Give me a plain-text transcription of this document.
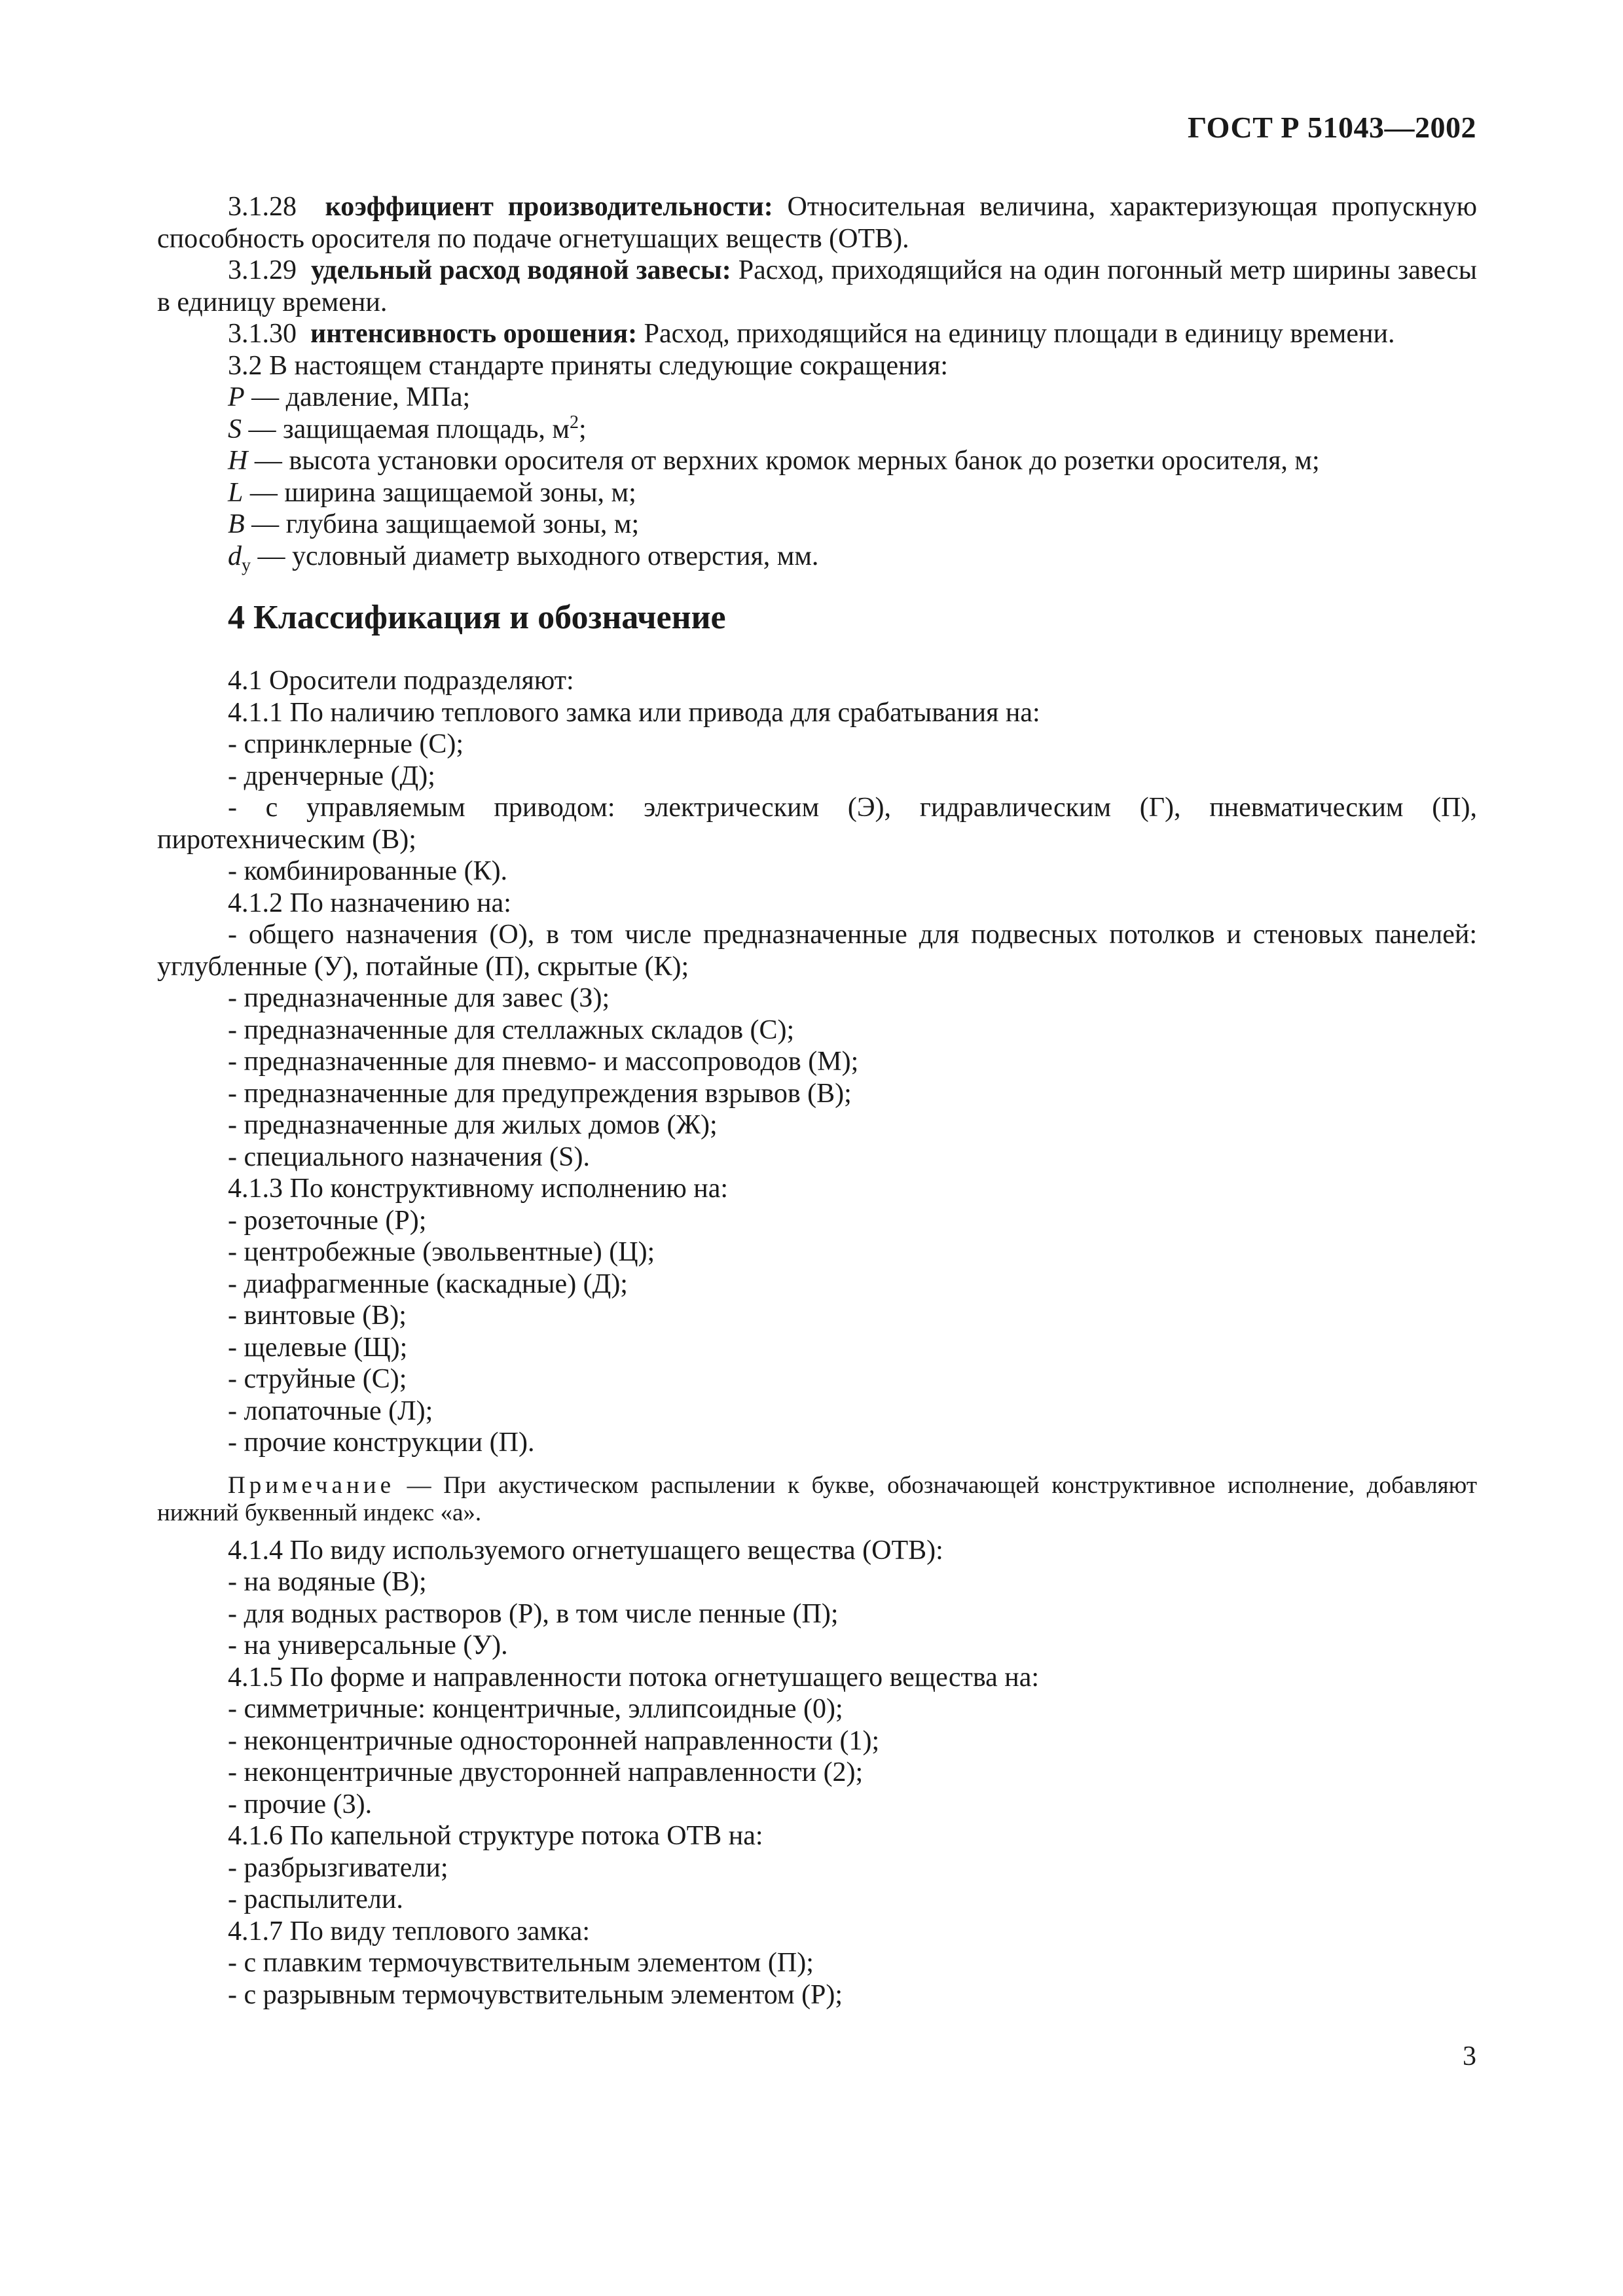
ГОСТ Р 51043—2002
3.1.28 коэффициент производительности: Относительная величина, характеризующая пропускную способность оросителя по подаче огнетушащих веществ (ОТВ).
3.1.29 удельный расход водяной завесы: Расход, приходящийся на один погонный метр ширины завесы в единицу времени.
3.1.30 интенсивность орошения: Расход, приходящийся на единицу площади в единицу времени.
3.2 В настоящем стандарте приняты следующие сокращения:
P — давление, МПа;
S — защищаемая площадь, $м^2$;
H — высота установки оросителя от верхних кромок мерных банок до розетки оросителя, м;
L — ширина защищаемой зоны, м;
B — глубина защищаемой зоны, м;
$d_у$ — условный диаметр выходного отверстия, мм.
4 Классификация и обозначение
4.1 Оросители подразделяют:
4.1.1 По наличию теплового замка или привода для срабатывания на:
- спринклерные (С);
- дренчерные (Д);
- с управляемым приводом: электрическим (Э), гидравлическим (Г), пневматическим (П), пиротехническим (В);
- комбинированные (К).
4.1.2 По назначению на:
- общего назначения (О), в том числе предназначенные для подвесных потолков и стеновых панелей: углубленные (У), потайные (П), скрытые (К);
- предназначенные для завес (З);
- предназначенные для стеллажных складов (С);
- предназначенные для пневмо- и массопроводов (М);
- предназначенные для предупреждения взрывов (В);
- предназначенные для жилых домов (Ж);
- специального назначения (S).
4.1.3 По конструктивному исполнению на:
- розеточные (Р);
- центробежные (эвольвентные) (Ц);
- диафрагменные (каскадные) (Д);
- винтовые (В);
- щелевые (Щ);
- струйные (С);
- лопаточные (Л);
- прочие конструкции (П).
Примечание — При акустическом распылении к букве, обозначающей конструктивное исполнение, добавляют нижний буквенный индекс «а».
4.1.4 По виду используемого огнетушащего вещества (ОТВ):
- на водяные (В);
- для водных растворов (Р), в том числе пенные (П);
- на универсальные (У).
4.1.5 По форме и направленности потока огнетушащего вещества на:
- симметричные: концентричные, эллипсоидные (0);
- неконцентричные односторонней направленности (1);
- неконцентричные двусторонней направленности (2);
- прочие (3).
4.1.6 По капельной структуре потока ОТВ на:
- разбрызгиватели;
- распылители.
4.1.7 По виду теплового замка:
- с плавким термочувствительным элементом (П);
- с разрывным термочувствительным элементом (Р);
3
